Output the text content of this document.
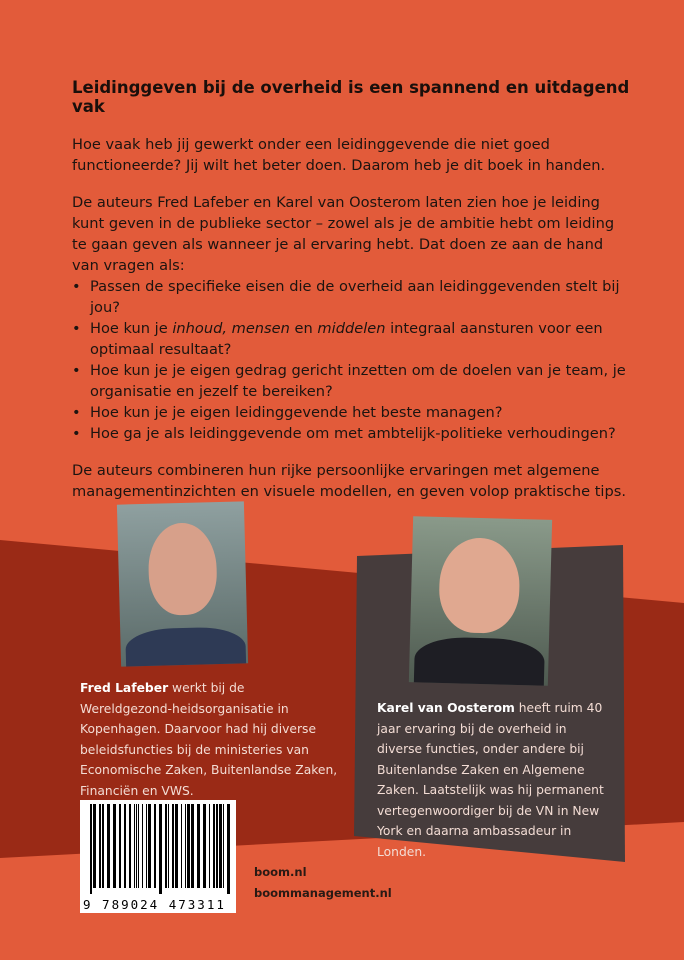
Leidinggeven bij de overheid is een spannend en uitdagend vak

Hoe vaak heb jij gewerkt onder een leidinggevende die niet goed functioneerde? Jij wilt het beter doen. Daarom heb je dit boek in handen.

De auteurs Fred Lafeber en Karel van Oosterom laten zien hoe je leiding kunt geven in de publieke sector – zowel als je de ambitie hebt om leiding te gaan geven als wanneer je al ervaring hebt. Dat doen ze aan de hand van vragen als:

• Passen de specifieke eisen die de overheid aan leidinggevenden stelt bij jou?
• Hoe kun je inhoud, mensen en middelen integraal aansturen voor een optimaal resultaat?
• Hoe kun je je eigen gedrag gericht inzetten om de doelen van je team, je organisatie en jezelf te bereiken?
• Hoe kun je je eigen leidinggevende het beste managen?
• Hoe ga je als leidinggevende om met ambtelijk-politieke verhoudingen?

De auteurs combineren hun rijke persoonlijke ervaringen met algemene managementinzichten en visuele modellen, en geven volop praktische tips.

Fred Lafeber werkt bij de Wereldgezond-heidsorganisatie in Kopenhagen. Daarvoor had hij diverse beleidsfuncties bij de ministeries van Economische Zaken, Buitenlandse Zaken, Financiën en VWS.
Karel van Oosterom heeft ruim 40 jaar ervaring bij de overheid in diverse functies, onder andere bij Buitenlandse Zaken en Algemene Zaken. Laatstelijk was hij permanent vertegenwoordiger bij de VN in New York en daarna ambassadeur in Londen.
9 789024 473311
boom.nl
boommanagement.nl
